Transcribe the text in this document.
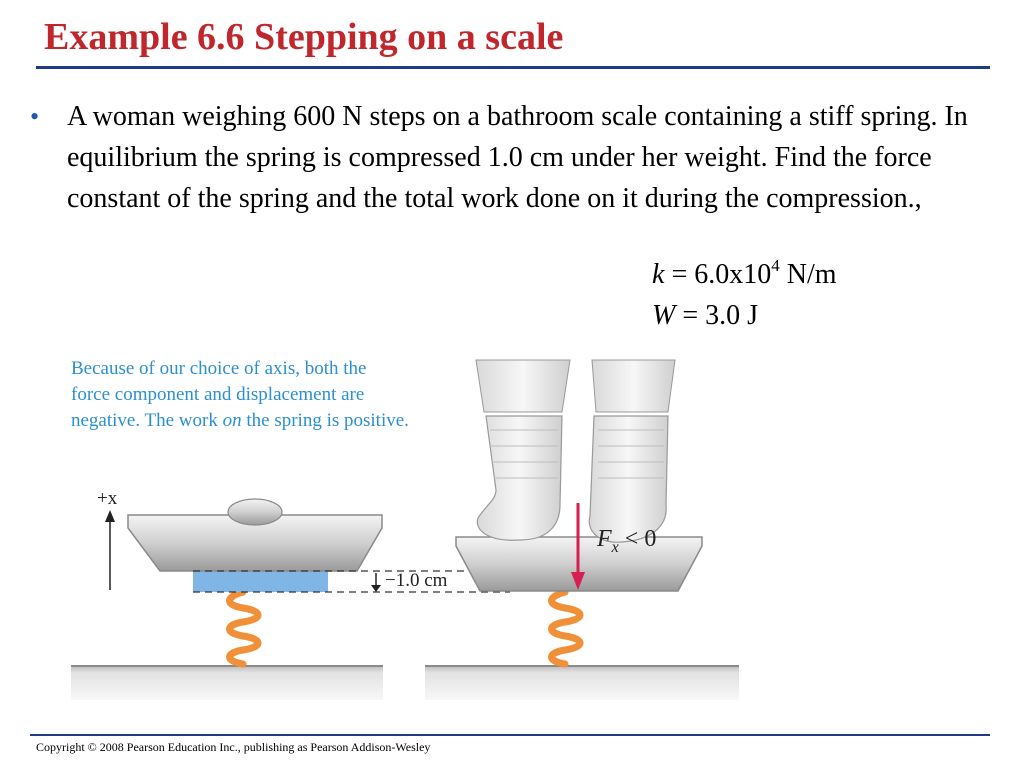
Example 6.6 Stepping on a scale
• A woman weighing 600 N steps on a bathroom scale containing a stiff spring. In equilibrium the spring is compressed 1.0 cm under her weight. Find the force constant of the spring and the total work done on it during the compression.,

$k = 6.0x10^4$ N/m
W = 3.0 J

Because of our choice of axis, both the
force component and displacement are
negative. The work on the spring is positive.

+x
−1.0 cm
$F_x < 0$
Copyright © 2008 Pearson Education Inc., publishing as Pearson Addison-Wesley
